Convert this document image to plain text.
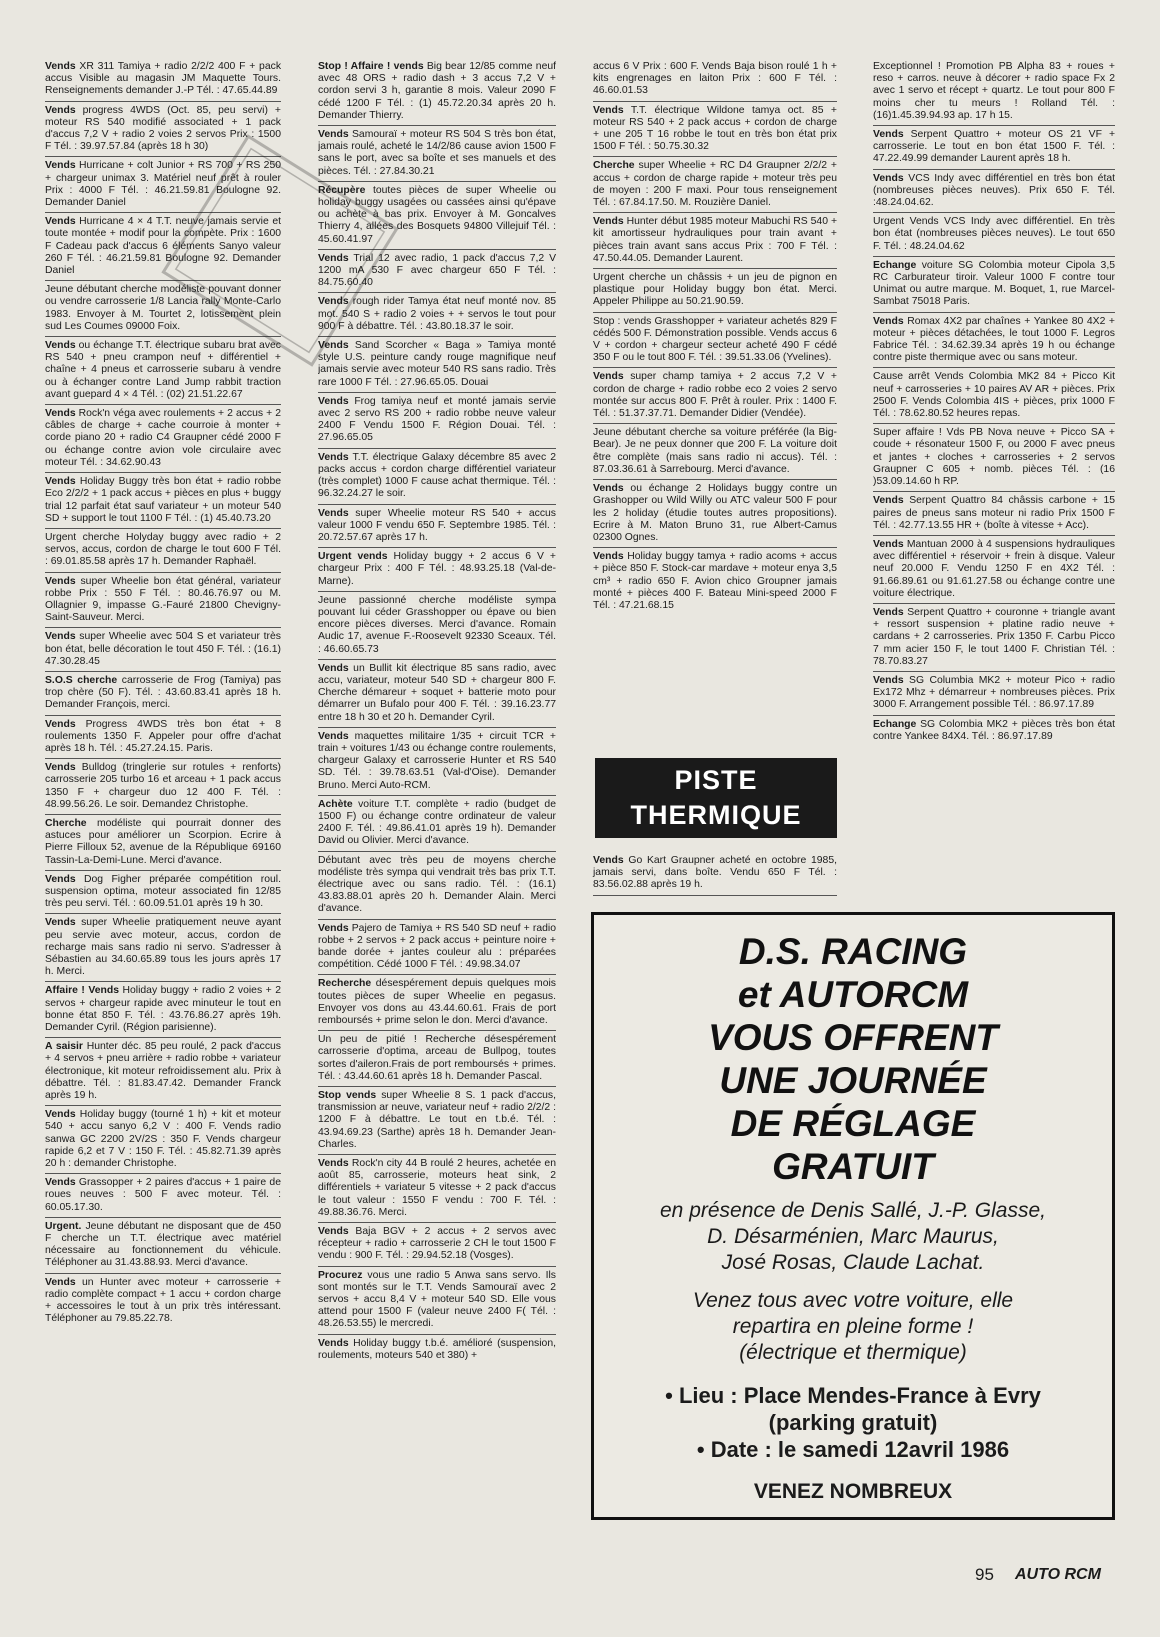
Vends XR 311 Tamiya + radio 2/2/2 400 F + pack accus Visible au magasin JM Maquette Tours. Renseignements demander J.-P Tél. : 47.65.44.89
Vends progress 4WDS (Oct. 85, peu servi) + moteur RS 540 modifié associated + 1 pack d'accus 7,2 V + radio 2 voies 2 servos Prix : 1500 F Tél. : 39.97.57.84 (après 18 h 30)
Vends Hurricane + colt Junior + RS 700 + RS 250 + chargeur unimax 3. Matériel neuf prêt à rouler Prix : 4000 F Tél. : 46.21.59.81 Boulogne 92. Demander Daniel
Vends Hurricane 4 × 4 T.T. neuve jamais servie et toute montée + modif pour la compète. Prix : 1600 F Cadeau pack d'accus 6 éléments Sanyo valeur 260 F Tél. : 46.21.59.81 Boulogne 92. Demander Daniel
Jeune débutant cherche modéliste pouvant donner ou vendre carrosserie 1/8 Lancia rally Monte-Carlo 1983. Envoyer à M. Tourtet 2, lotissement plein sud Les Coumes 09000 Foix.
Vends ou échange T.T. électrique subaru brat avec RS 540 + pneu crampon neuf + différentiel + chaîne + 4 pneus et carrosserie subaru à vendre ou à échanger contre Land Jump rabbit traction avant guepard 4 × 4 Tél. : (02) 21.51.22.67
Vends Rock'n véga avec roulements + 2 accus + 2 câbles de charge + cache courroie à monter + corde piano 20 + radio C4 Graupner cédé 2000 F ou échange contre avion vole circulaire avec moteur Tél. : 34.62.90.43
Vends Holiday Buggy très bon état + radio robbe Eco 2/2/2 + 1 pack accus + pièces en plus + buggy trial 12 parfait état sauf variateur + un moteur 540 SD + support le tout 1100 F Tél. : (1) 45.40.73.20
Urgent cherche Holyday buggy avec radio + 2 servos, accus, cordon de charge le tout 600 F Tél. : 69.01.85.58 après 17 h. Demander Raphaël.
Vends super Wheelie bon état général, variateur robbe Prix : 550 F Tél. : 80.46.76.97 ou M. Ollagnier 9, impasse G.-Fauré 21800 Chevigny-Saint-Sauveur. Merci.
Vends super Wheelie avec 504 S et variateur très bon état, belle décoration le tout 450 F. Tél. : (16.1) 47.30.28.45
S.O.S cherche carrosserie de Frog (Tamiya) pas trop chère (50 F). Tél. : 43.60.83.41 après 18 h. Demander François, merci.
Vends Progress 4WDS très bon état + 8 roulements 1350 F. Appeler pour offre d'achat après 18 h. Tél. : 45.27.24.15. Paris.
Vends Bulldog (tringlerie sur rotules + renforts) carrosserie 205 turbo 16 et arceau + 1 pack accus 1350 F + chargeur duo 12 400 F. Tél. : 48.99.56.26. Le soir. Demandez Christophe.
Cherche modéliste qui pourrait donner des astuces pour améliorer un Scorpion. Ecrire à Pierre Filloux 52, avenue de la République 69160 Tassin-La-Demi-Lune. Merci d'avance.
Vends Dog Figher préparée compétition roul. suspension optima, moteur associated fin 12/85 très peu servi. Tél. : 60.09.51.01 après 19 h 30.
Vends super Wheelie pratiquement neuve ayant peu servie avec moteur, accus, cordon de recharge mais sans radio ni servo. S'adresser à Sébastien au 34.60.65.89 tous les jours après 17 h. Merci.
Affaire ! Vends Holiday buggy + radio 2 voies + 2 servos + chargeur rapide avec minuteur le tout en bonne état 850 F. Tél. : 43.76.86.27 après 19h. Demander Cyril. (Région parisienne).
A saisir Hunter déc. 85 peu roulé, 2 pack d'accus + 4 servos + pneu arrière + radio robbe + variateur électronique, kit moteur refroidissement alu. Prix à débattre. Tél. : 81.83.47.42. Demander Franck après 19 h.
Vends Holiday buggy (tourné 1 h) + kit et moteur 540 + accu sanyo 6,2 V : 400 F. Vends radio sanwa GC 2200 2V/2S : 350 F. Vends chargeur rapide 6,2 et 7 V : 150 F. Tél. : 45.82.71.39 après 20 h : demander Christophe.
Vends Grassopper + 2 paires d'accus + 1 paire de roues neuves : 500 F avec moteur. Tél. : 60.05.17.30.
Urgent. Jeune débutant ne disposant que de 450 F cherche un T.T. électrique avec matériel nécessaire au fonctionnement du véhicule. Téléphoner au 31.43.88.93. Merci d'avance.
Vends un Hunter avec moteur + carrosserie + radio complète compact + 1 accu + cordon charge + accessoires le tout à un prix très intéressant. Téléphoner au 79.85.22.78.
Stop ! Affaire ! vends Big bear 12/85 comme neuf avec 48 ORS + radio dash + 3 accus 7,2 V + cordon servi 3 h, garantie 8 mois. Valeur 2090 F cédé 1200 F Tél. : (1) 45.72.20.34 après 20 h. Demander Thierry.
Vends Samouraï + moteur RS 504 S très bon état, jamais roulé, acheté le 14/2/86 cause avion 1500 F sans le port, avec sa boîte et ses manuels et des pièces. Tél. : 27.84.30.21
Récupère toutes pièces de super Wheelie ou holiday buggy usagées ou cassées ainsi qu'épave ou achète à bas prix. Envoyer à M. Goncalves Thierry 4, allées des Bosquets 94800 Villejuif Tél. : 45.60.41.97
Vends Trial 12 avec radio, 1 pack d'accus 7,2 V 1200 mA 530 F avec chargeur 650 F Tél. : 84.75.60.40
Vends rough rider Tamya état neuf monté nov. 85 mot. 540 S + radio 2 voies + + servos le tout pour 900 F à débattre. Tél. : 43.80.18.37 le soir.
Vends Sand Scorcher « Baga » Tamiya monté style U.S. peinture candy rouge magnifique neuf jamais servie avec moteur 540 RS sans radio. Très rare 1000 F Tél. : 27.96.65.05. Douai
Vends Frog tamiya neuf et monté jamais servie avec 2 servo RS 200 + radio robbe neuve valeur 2400 F Vendu 1500 F. Région Douai. Tél. : 27.96.65.05
Vends T.T. électrique Galaxy décembre 85 avec 2 packs accus + cordon charge différentiel variateur (très complet) 1000 F cause achat thermique. Tél. : 96.32.24.27 le soir.
Vends super Wheelie moteur RS 540 + accus valeur 1000 F vendu 650 F. Septembre 1985. Tél. : 20.72.57.67 après 17 h.
Urgent vends Holiday buggy + 2 accus 6 V + chargeur Prix : 400 F Tél. : 48.93.25.18 (Val-de-Marne).
Jeune passionné cherche modéliste sympa pouvant lui céder Grasshopper ou épave ou bien encore pièces diverses. Merci d'avance. Romain Audic 17, avenue F.-Roosevelt 92330 Sceaux. Tél. : 46.60.65.73
Vends un Bullit kit électrique 85 sans radio, avec accu, variateur, moteur 540 SD + chargeur 800 F. Cherche démareur + soquet + batterie moto pour démarrer un Bufalo pour 400 F. Tél. : 39.16.23.77 entre 18 h 30 et 20 h. Demander Cyril.
Vends maquettes militaire 1/35 + circuit TCR + train + voitures 1/43 ou échange contre roulements, chargeur Galaxy et carrosserie Hunter et RS 540 SD. Tél. : 39.78.63.51 (Val-d'Oise). Demander Bruno. Merci Auto-RCM.
Achète voiture T.T. complète + radio (budget de 1500 F) ou échange contre ordinateur de valeur 2400 F. Tél. : 49.86.41.01 après 19 h). Demander David ou Olivier. Merci d'avance.
Débutant avec très peu de moyens cherche modéliste très sympa qui vendrait très bas prix T.T. électrique avec ou sans radio. Tél. : (16.1) 43.83.88.01 après 20 h. Demander Alain. Merci d'avance.
Vends Pajero de Tamiya + RS 540 SD neuf + radio robbe + 2 servos + 2 pack accus + peinture noire + bande dorée + jantes couleur alu : préparées compétition. Cédé 1000 F Tél. : 49.98.34.07
Recherche désespérement depuis quelques mois toutes pièces de super Wheelie en pegasus. Envoyer vos dons au 43.44.60.61. Frais de port remboursés + prime selon le don. Merci d'avance.
Un peu de pitié ! Recherche désespérement carrosserie d'optima, arceau de Bullpog, toutes sortes d'aileron.Frais de port remboursés + primes. Tél. : 43.44.60.61 après 18 h. Demander Pascal.
Stop vends super Wheelie 8 S. 1 pack d'accus, transmission ar neuve, variateur neuf + radio 2/2/2 : 1200 F à débattre. Le tout en t.b.é. Tél. : 43.94.69.23 (Sarthe) après 18 h. Demander Jean-Charles.
Vends Rock'n city 44 B roulé 2 heures, achetée en août 85, carrosserie, moteurs heat sink, 2 différentiels + variateur 5 vitesse + 2 pack d'accus le tout valeur : 1550 F vendu : 700 F. Tél. : 49.88.36.76. Merci.
Vends Baja BGV + 2 accus + 2 servos avec récepteur + radio + carrosserie 2 CH le tout 1500 F vendu : 900 F. Tél. : 29.94.52.18 (Vosges).
Procurez vous une radio 5 Anwa sans servo. Ils sont montés sur le T.T. Vends Samouraï avec 2 servos + accu 8,4 V + moteur 540 SD. Elle vous attend pour 1500 F (valeur neuve 2400 F( Tél. : 48.26.53.55) le mercredi.
Vends Holiday buggy t.b.é. amélioré (suspension, roulements, moteurs 540 et 380) +
accus 6 V Prix : 600 F. Vends Baja bison roulé 1 h + kits engrenages en laiton Prix : 600 F Tél. : 46.60.01.53
Vends T.T. électrique Wildone tamya oct. 85 + moteur RS 540 + 2 pack accus + cordon de charge + une 205 T 16 robbe le tout en très bon état prix 1500 F Tél. : 50.75.30.32
Cherche super Wheelie + RC D4 Graupner 2/2/2 + accus + cordon de charge rapide + moteur très peu de moyen : 200 F maxi. Pour tous renseignement Tél. : 67.84.17.50. M. Rouzière Daniel.
Vends Hunter début 1985 moteur Mabuchi RS 540 + kit amortisseur hydrauliques pour train avant + pièces train avant sans accus Prix : 700 F Tél. : 47.50.44.05. Demander Laurent.
Urgent cherche un châssis + un jeu de pignon en plastique pour Holiday buggy bon état. Merci. Appeler Philippe au 50.21.90.59.
Stop : vends Grasshopper + variateur achetés 829 F cédés 500 F. Démonstration possible. Vends accus 6 V + cordon + chargeur secteur acheté 490 F cédé 350 F ou le tout 800 F. Tél. : 39.51.33.06 (Yvelines).
Vends super champ tamiya + 2 accus 7,2 V + cordon de charge + radio robbe eco 2 voies 2 servo montée sur accus 800 F. Prêt à rouler. Prix : 1400 F. Tél. : 51.37.37.71. Demander Didier (Vendée).
Jeune débutant cherche sa voiture préférée (la Big-Bear). Je ne peux donner que 200 F. La voiture doit être complète (mais sans radio ni accus). Tél. : 87.03.36.61 à Sarrebourg. Merci d'avance.
Vends ou échange 2 Holidays buggy contre un Grashopper ou Wild Willy ou ATC valeur 500 F pour les 2 holiday (étudie toutes autres propositions). Ecrire à M. Maton Bruno 31, rue Albert-Camus 02300 Ognes.
Vends Holiday buggy tamya + radio acoms + accus + pièce 850 F. Stock-car mardave + moteur enya 3,5 cm³ + radio 650 F. Avion chico Groupner jamais monté + pièces 400 F. Bateau Mini-speed 2000 F Tél. : 47.21.68.15
Exceptionnel ! Promotion PB Alpha 83 + roues + reso + carros. neuve à décorer + radio space Fx 2 avec 1 servo et récept + quartz. Le tout pour 800 F moins cher tu meurs ! Rolland Tél. : (16)1.45.39.94.93 ap. 17 h 15.
Vends Serpent Quattro + moteur OS 21 VF + carrosserie. Le tout en bon état 1500 F. Tél. : 47.22.49.99 demander Laurent après 18 h.
Vends VCS Indy avec différentiel en très bon état (nombreuses pièces neuves). Prix 650 F. Tél. :48.24.04.62.
Urgent Vends VCS Indy avec différentiel. En très bon état (nombreuses pièces neuves). Le tout 650 F. Tél. : 48.24.04.62
Echange voiture SG Colombia moteur Cipola 3,5 RC Carburateur tiroir. Valeur 1000 F contre tour Unimat ou autre marque. M. Boquet, 1, rue Marcel-Sambat 75018 Paris.
Vends Romax 4X2 par chaînes + Yankee 80 4X2 + moteur + pièces détachées, le tout 1000 F. Legros Fabrice Tél. : 34.62.39.34 après 19 h ou échange contre piste thermique avec ou sans moteur.
Cause arrêt Vends Colombia MK2 84 + Picco Kit neuf + carrosseries + 10 paires AV AR + pièces. Prix 2500 F. Vends Colombia 4IS + pièces, prix 1000 F Tél. : 78.62.80.52 heures repas.
Super affaire ! Vds PB Nova neuve + Picco SA + coude + résonateur 1500 F, ou 2000 F avec pneus et jantes + cloches + carrosseries + 2 servos Graupner C 605 + nomb. pièces Tél. : (16 )53.09.14.60 h RP.
Vends Serpent Quattro 84 châssis carbone + 15 paires de pneus sans moteur ni radio Prix 1500 F Tél. : 42.77.13.55 HR + (boîte à vitesse + Acc).
Vends Mantuan 2000 à 4 suspensions hydrauliques avec différentiel + réservoir + frein à disque. Valeur neuf 20.000 F. Vendu 1250 F en 4X2 Tél. : 91.66.89.61 ou 91.61.27.58 ou échange contre une voiture électrique.
Vends Serpent Quattro + couronne + triangle avant + ressort suspension + platine radio neuve + cardans + 2 carrosseries. Prix 1350 F. Carbu Picco 7 mm acier 150 F, le tout 1400 F. Christian Tél. : 78.70.83.27
Vends SG Columbia MK2 + moteur Pico + radio Ex172 Mhz + démarreur + nombreuses pièces. Prix 3000 F. Arrangement possible Tél. : 86.97.17.89
Echange SG Colombia MK2 + pièces très bon état contre Yankee 84X4. Tél. : 86.97.17.89
PISTE
THERMIQUE
Vends Go Kart Graupner acheté en octobre 1985, jamais servi, dans boîte. Vendu 650 F Tél. : 83.56.02.88 après 19 h.
D.S. RACING
et AUTORCM
VOUS OFFRENT
UNE JOURNÉE
DE RÉGLAGE
GRATUIT
en présence de Denis Sallé, J.-P. Glasse,
D. Désarménien, Marc Maurus,
José Rosas, Claude Lachat.
Venez tous avec votre voiture, elle
repartira en pleine forme !
(électrique et thermique)
• Lieu : Place Mendes-France à Evry
(parking gratuit)
• Date : le samedi 12avril 1986
VENEZ NOMBREUX
95 AUTO RCM
